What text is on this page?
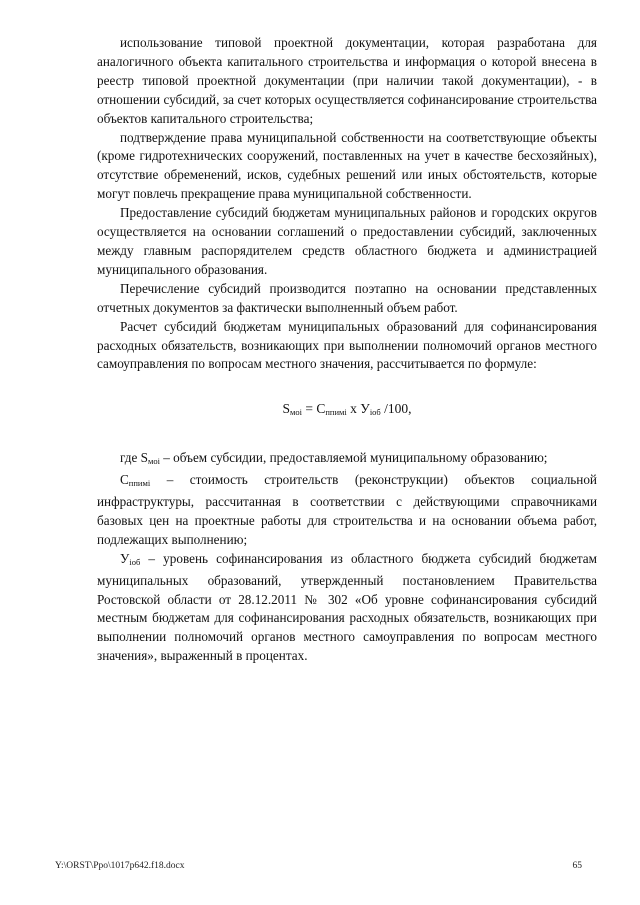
использование типовой проектной документации, которая разработана для аналогичного объекта капитального строительства и информация о которой внесена в реестр типовой проектной документации (при наличии такой документации), - в отношении субсидий, за счет которых осуществляется софинансирование строительства объектов капитального строительства;

подтверждение права муниципальной собственности на соответствующие объекты (кроме гидротехнических сооружений, поставленных на учет в качестве бесхозяйных), отсутствие обременений, исков, судебных решений или иных обстоятельств, которые могут повлечь прекращение права муниципальной собственности.

Предоставление субсидий бюджетам муниципальных районов и городских округов осуществляется на основании соглашений о предоставлении субсидий, заключенных между главным распорядителем средств областного бюджета и администрацией муниципального образования.

Перечисление субсидий производится поэтапно на основании представленных отчетных документов за фактически выполненный объем работ.

Расчет субсидий бюджетам муниципальных образований для софинансирования расходных обязательств, возникающих при выполнении полномочий органов местного самоуправления по вопросам местного значения, рассчитывается по формуле:

$S_{моi} = C_{ппимi}$ x $У_{iоб}$ /100,

где $S_{моi}$ – объем субсидии, предоставляемой муниципальному образованию;

$С_{ппимi}$ – стоимость строительств (реконструкции) объектов социальной инфраструктуры, рассчитанная в соответствии с действующими справочниками базовых цен на проектные работы для строительства и на основании объема работ, подлежащих выполнению;

$У_{iоб}$ – уровень софинансирования из областного бюджета субсидий бюджетам муниципальных образований, утвержденный постановлением Правительства Ростовской области от 28.12.2011 № 302 «Об уровне софинансирования субсидий местным бюджетам для софинансирования расходных обязательств, возникающих при выполнении полномочий органов местного самоуправления по вопросам местного значения», выраженный в процентах.

Y:\ORST\Ppo\1017p642.f18.docx	65
